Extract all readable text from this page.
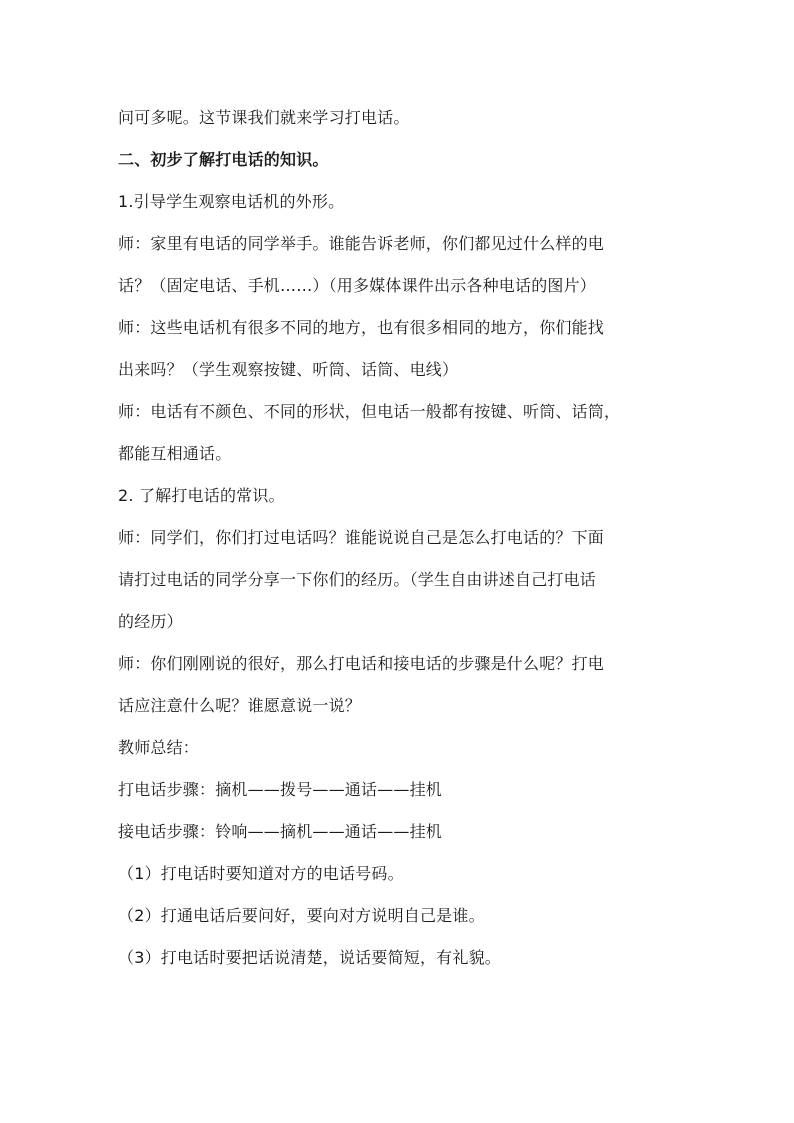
问可多呢。这节课我们就来学习打电话。
二、初步了解打电话的知识。
1.引导学生观察电话机的外形。
师：家里有电话的同学举手。谁能告诉老师，你们都见过什么样的电
话？（固定电话、手机……）（用多媒体课件出示各种电话的图片）
师：这些电话机有很多不同的地方，也有很多相同的地方，你们能找
出来吗？（学生观察按键、听筒、话筒、电线）
师：电话有不颜色、不同的形状，但电话一般都有按键、听筒、话筒，
都能互相通话。
2. 了解打电话的常识。
师：同学们，你们打过电话吗？谁能说说自己是怎么打电话的？下面
请打过电话的同学分享一下你们的经历。（学生自由讲述自己打电话
的经历）
师：你们刚刚说的很好，那么打电话和接电话的步骤是什么呢？打电
话应注意什么呢？谁愿意说一说？
教师总结：
打电话步骤：摘机——拨号——通话——挂机
接电话步骤：铃响——摘机——通话——挂机
（1）打电话时要知道对方的电话号码。
（2）打通电话后要问好，要向对方说明自己是谁。
（3）打电话时要把话说清楚，说话要简短，有礼貌。
